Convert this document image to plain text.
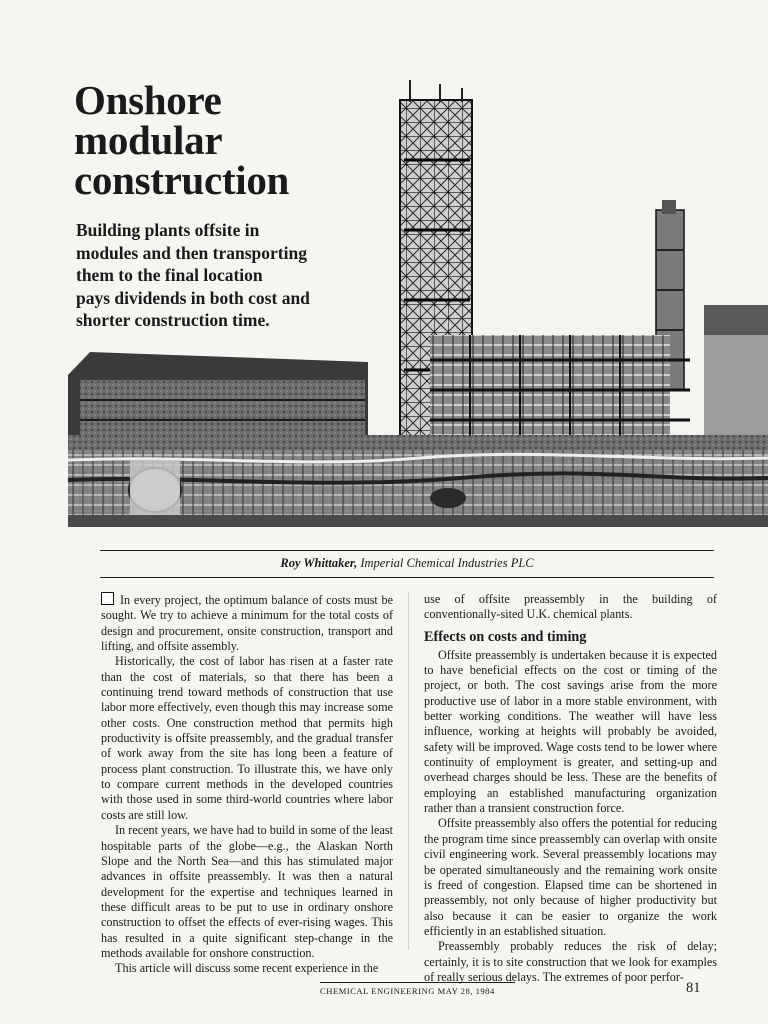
Onshore
modular
construction

Building plants offsite in
modules and then transporting
them to the final location
pays dividends in both cost and
shorter construction time.

Roy Whittaker, Imperial Chemical Industries PLC

In every project, the optimum balance of costs must be sought. We try to achieve a minimum for the total costs of design and procurement, onsite construction, transport and lifting, and offsite assembly.

Historically, the cost of labor has risen at a faster rate than the cost of materials, so that there has been a continuing trend toward methods of construction that use labor more effectively, even though this may increase some other costs. One construction method that permits high productivity is offsite preassembly, and the gradual transfer of work away from the site has long been a feature of process plant construction. To illustrate this, we have only to compare current methods in the developed countries with those used in some third-world countries where labor costs are still low.

In recent years, we have had to build in some of the least hospitable parts of the globe—e.g., the Alaskan North Slope and the North Sea—and this has stimulated major advances in offsite preassembly. It was then a natural development for the expertise and techniques learned in these difficult areas to be put to use in ordinary onshore construction to offset the effects of ever-rising wages. This has resulted in a quite significant step-change in the methods available for onshore construction.

This article will discuss some recent experience in the

use of offsite preassembly in the building of conventionally-sited U.K. chemical plants.

Effects on costs and timing

Offsite preassembly is undertaken because it is expected to have beneficial effects on the cost or timing of the project, or both. The cost savings arise from the more productive use of labor in a more stable environment, with better working conditions. The weather will have less influence, working at heights will probably be avoided, safety will be improved. Wage costs tend to be lower where continuity of employment is greater, and setting-up and overhead charges should be less. These are the benefits of employing an established manufacturing organization rather than a transient construction force.

Offsite preassembly also offers the potential for reducing the program time since preassembly can overlap with onsite civil engineering work. Several preassembly locations may be operated simultaneously and the remaining work onsite is freed of congestion. Elapsed time can be shortened in preassembly, not only because of higher productivity but also because it can be easier to organize the work efficiently in an established situation.

Preassembly probably reduces the risk of delay; certainly, it is to site construction that we look for examples of really serious delays. The extremes of poor perfor-

CHEMICAL ENGINEERING MAY 28, 1984	81
